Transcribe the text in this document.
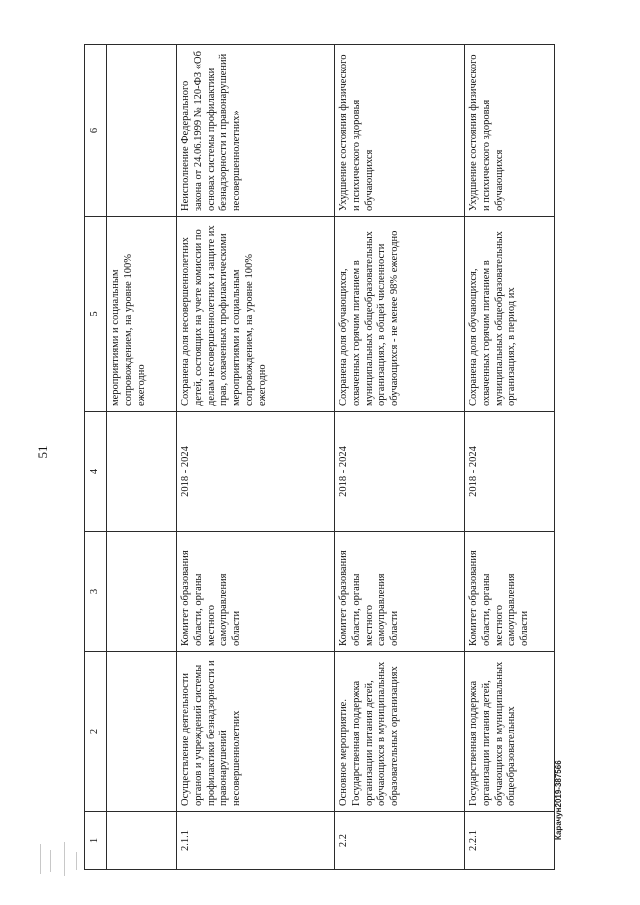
51
1	2	3	4	5	6
				мероприятиями и социальным сопровождением, на уровне 100% ежегодно	
2.1.1	Осуществление деятельности органов и учреждений системы профилактики безнадзорности и правонарушений несовершеннолетних	Комитет образования области, органы местного самоуправления области	2018 - 2024	Сохранена доля несовершеннолетних детей, состоящих на учете комиссии по делам несовершеннолетних и защите их прав, охваченных профилактическими мероприятиями и социальным сопровождением, на уровне 100% ежегодно	Неисполнение Федерального закона от 24.06.1999 № 120-ФЗ «Об основах системы профилактики безнадзорности и правонарушений несовершеннолетних»
2.2	Основное мероприятие. Государственная поддержка организации питания детей, обучающихся в муниципальных образовательных организациях	Комитет образования области, органы местного самоуправления области	2018 - 2024	Сохранена доля обучающихся, охваченных горячим питанием в муниципальных общеобразовательных организациях, в общей численности обучающихся - не менее 98% ежегодно	Ухудшение состояния физического и психического здоровья обучающихся
2.2.1	Государственная поддержка организации питания детей, обучающихся в муниципальных общеобразовательных	Комитет образования области, органы местного самоуправления области	2018 - 2024	Сохранена доля обучающихся, охваченных горячим питанием в муниципальных общеобразовательных организациях, в период их	Ухудшение состояния физического и психического здоровья обучающихся
Карачун2019-387566
